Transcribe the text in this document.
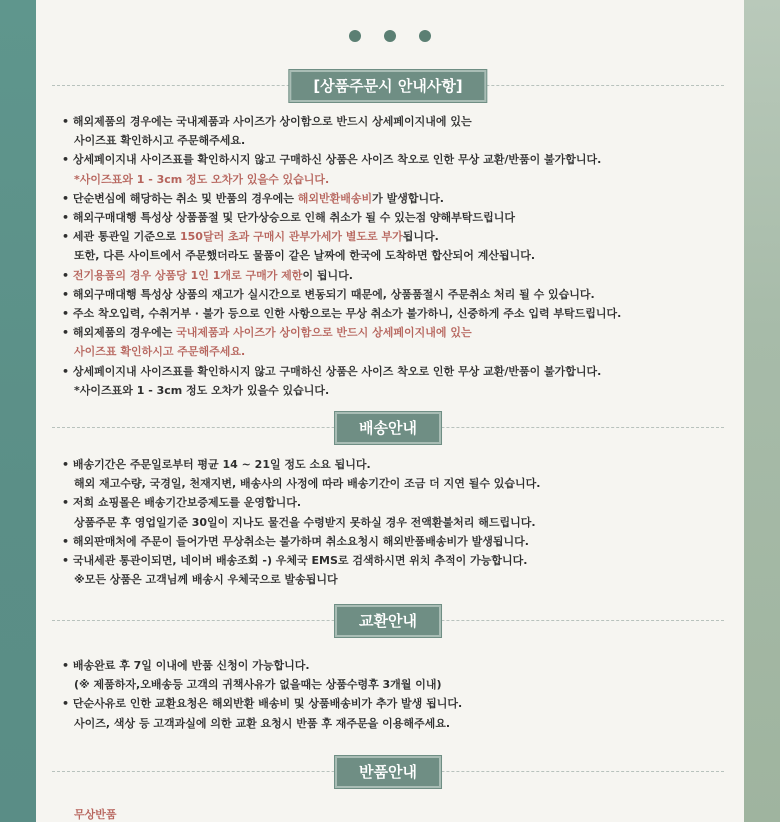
[상품주문시 안내사항]
• 해외제품의 경우에는 국내제품과 사이즈가 상이함으로 반드시 상세페이지내에 있는
사이즈표 확인하시고 주문해주세요.
• 상세페이지내 사이즈표를 확인하시지 않고 구매하신 상품은 사이즈 착오로 인한 무상 교환/반품이 불가합니다.
*사이즈표와 1 - 3cm 정도 오차가 있을수 있습니다.
• 단순변심에 해당하는 취소 및 반품의 경우에는 해외반환배송비가 발생합니다.
• 해외구매대행 특성상 상품품절 및 단가상승으로 인해 취소가 될 수 있는점 양해부탁드립니다
• 세관 통관일 기준으로 150달러 초과 구매시 관부가세가 별도로 부가됩니다.
또한, 다른 사이트에서 주문했더라도 물품이 같은 날짜에 한국에 도착하면 합산되어 계산됩니다.
• 전기용품의 경우 상품당 1인 1개로 구매가 제한이 됩니다.
• 해외구매대행 특성상 상품의 재고가 실시간으로 변동되기 때문에, 상품품절시 주문취소 처리 될 수 있습니다.
• 주소 착오입력, 수취거부 · 불가 등으로 인한 사항으로는 무상 취소가 불가하니, 신중하게 주소 입력 부탁드립니다.
• 해외제품의 경우에는 국내제품과 사이즈가 상이함으로 반드시 상세페이지내에 있는
사이즈표 확인하시고 주문해주세요.
• 상세페이지내 사이즈표를 확인하시지 않고 구매하신 상품은 사이즈 착오로 인한 무상 교환/반품이 불가합니다.
*사이즈표와 1 - 3cm 정도 오차가 있을수 있습니다.
배송안내
• 배송기간은 주문일로부터 평균 14 ~ 21일 정도 소요 됩니다.
해외 재고수량, 국경일, 천재지변, 배송사의 사정에 따라 배송기간이 조금 더 지연 될수 있습니다.
• 저희 쇼핑몰은 배송기간보증제도를 운영합니다.
상품주문 후 영업일기준 30일이 지나도 물건을 수령받지 못하실 경우 전액환불처리 해드립니다.
• 해외판매처에 주문이 들어가면 무상취소는 불가하며 취소요청시 해외반품배송비가 발생됩니다.
• 국내세관 통관이되면, 네이버 배송조회 -) 우체국 EMS로 검색하시면 위치 추적이 가능합니다.
※모든 상품은 고객님께 배송시 우체국으로 발송됩니다
교환안내
• 배송완료 후 7일 이내에 반품 신청이 가능합니다.
(※ 제품하자,오배송등 고객의 귀책사유가 없을때는 상품수령후 3개월 이내)
• 단순사유로 인한 교환요청은 해외반환 배송비 및 상품배송비가 추가 발생 됩니다.
사이즈, 색상 등 고객과실에 의한 교환 요청시 반품 후 재주문을 이용해주세요.
반품안내
무상반품
